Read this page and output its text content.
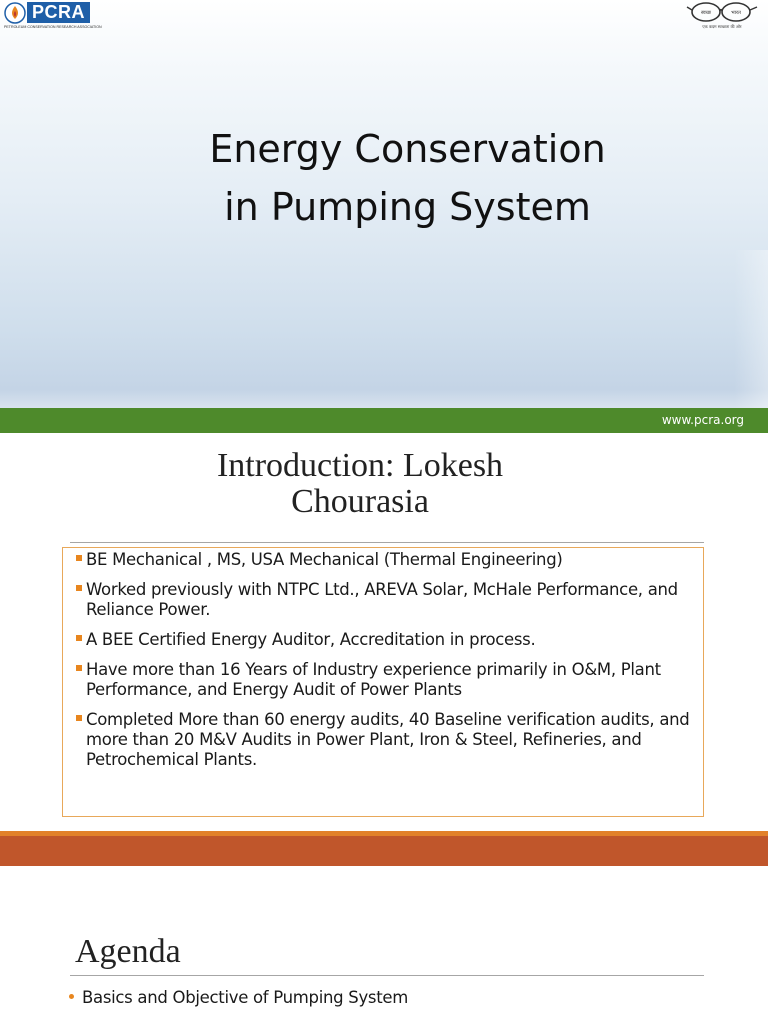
PCRA
PETROLEUM CONSERVATION RESEARCH ASSOCIATION
स्वच्छ	भारत
एक कदम स्वच्छता की ओर
Energy Conservation
in Pumping System
www.pcra.org
Introduction: Lokesh
Chourasia
BE Mechanical , MS, USA Mechanical (Thermal Engineering)
Worked previously with NTPC Ltd., AREVA Solar, McHale Performance, and Reliance Power.
A BEE Certified Energy Auditor, Accreditation in process.
Have more than 16 Years of Industry experience primarily in O&M, Plant Performance, and Energy Audit of Power Plants
Completed More than 60 energy audits, 40 Baseline verification audits, and more than 20 M&V Audits in Power Plant, Iron & Steel, Refineries, and Petrochemical Plants.
Agenda
Basics and Objective of Pumping System
